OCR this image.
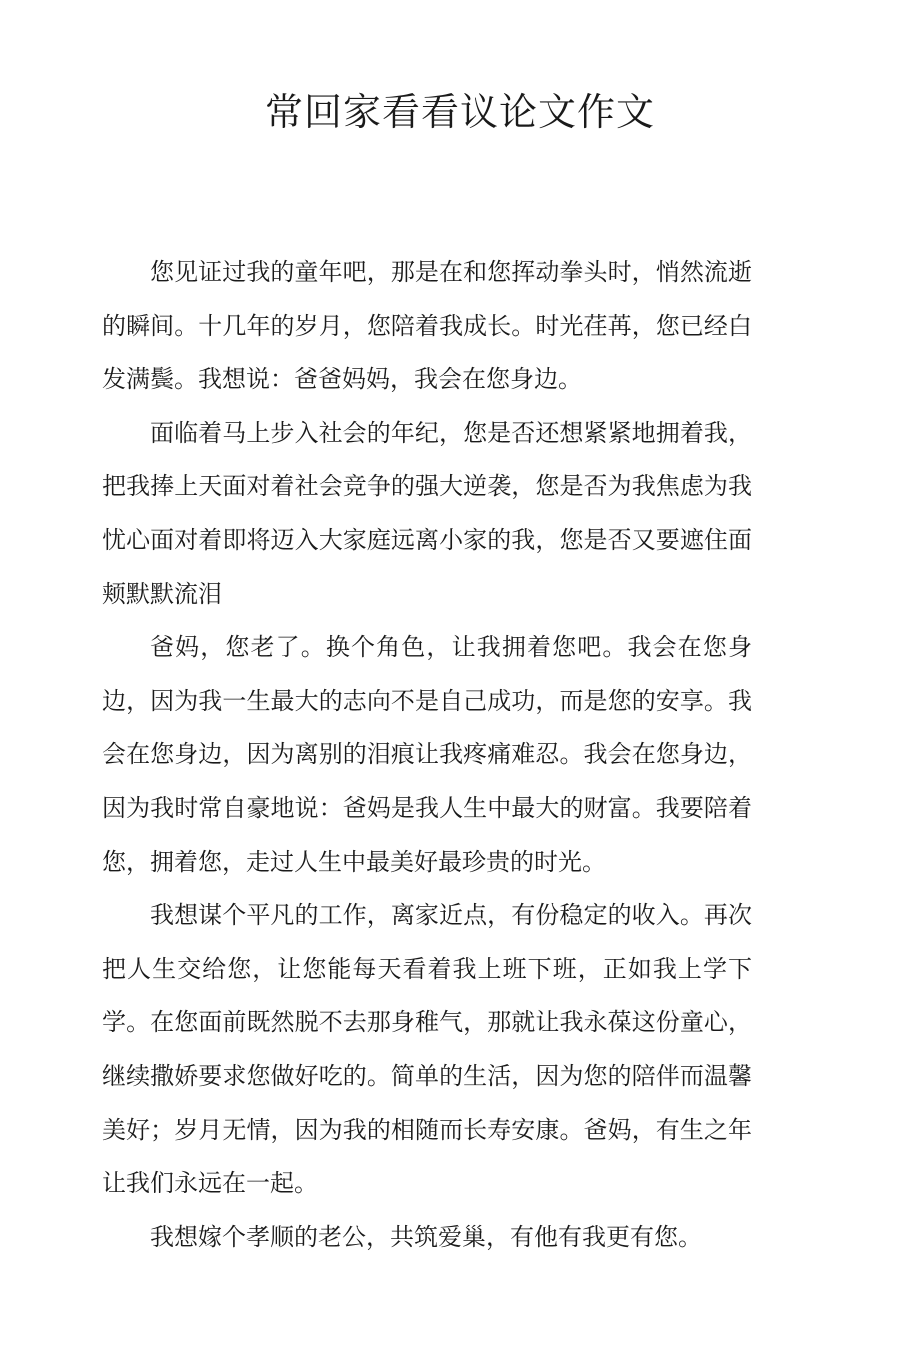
常回家看看议论文作文

您见证过我的童年吧，那是在和您挥动拳头时，悄然流逝的瞬间。十几年的岁月，您陪着我成长。时光荏苒，您已经白发满鬓。我想说：爸爸妈妈，我会在您身边。

面临着马上步入社会的年纪，您是否还想紧紧地拥着我，把我捧上天面对着社会竞争的强大逆袭，您是否为我焦虑为我忧心面对着即将迈入大家庭远离小家的我，您是否又要遮住面颊默默流泪

爸妈，您老了。换个角色，让我拥着您吧。我会在您身边，因为我一生最大的志向不是自己成功，而是您的安享。我会在您身边，因为离别的泪痕让我疼痛难忍。我会在您身边，因为我时常自豪地说：爸妈是我人生中最大的财富。我要陪着您，拥着您，走过人生中最美好最珍贵的时光。

我想谋个平凡的工作，离家近点，有份稳定的收入。再次把人生交给您，让您能每天看着我上班下班，正如我上学下学。在您面前既然脱不去那身稚气，那就让我永葆这份童心，继续撒娇要求您做好吃的。简单的生活，因为您的陪伴而温馨美好；岁月无情，因为我的相随而长寿安康。爸妈，有生之年让我们永远在一起。

我想嫁个孝顺的老公，共筑爱巢，有他有我更有您。
